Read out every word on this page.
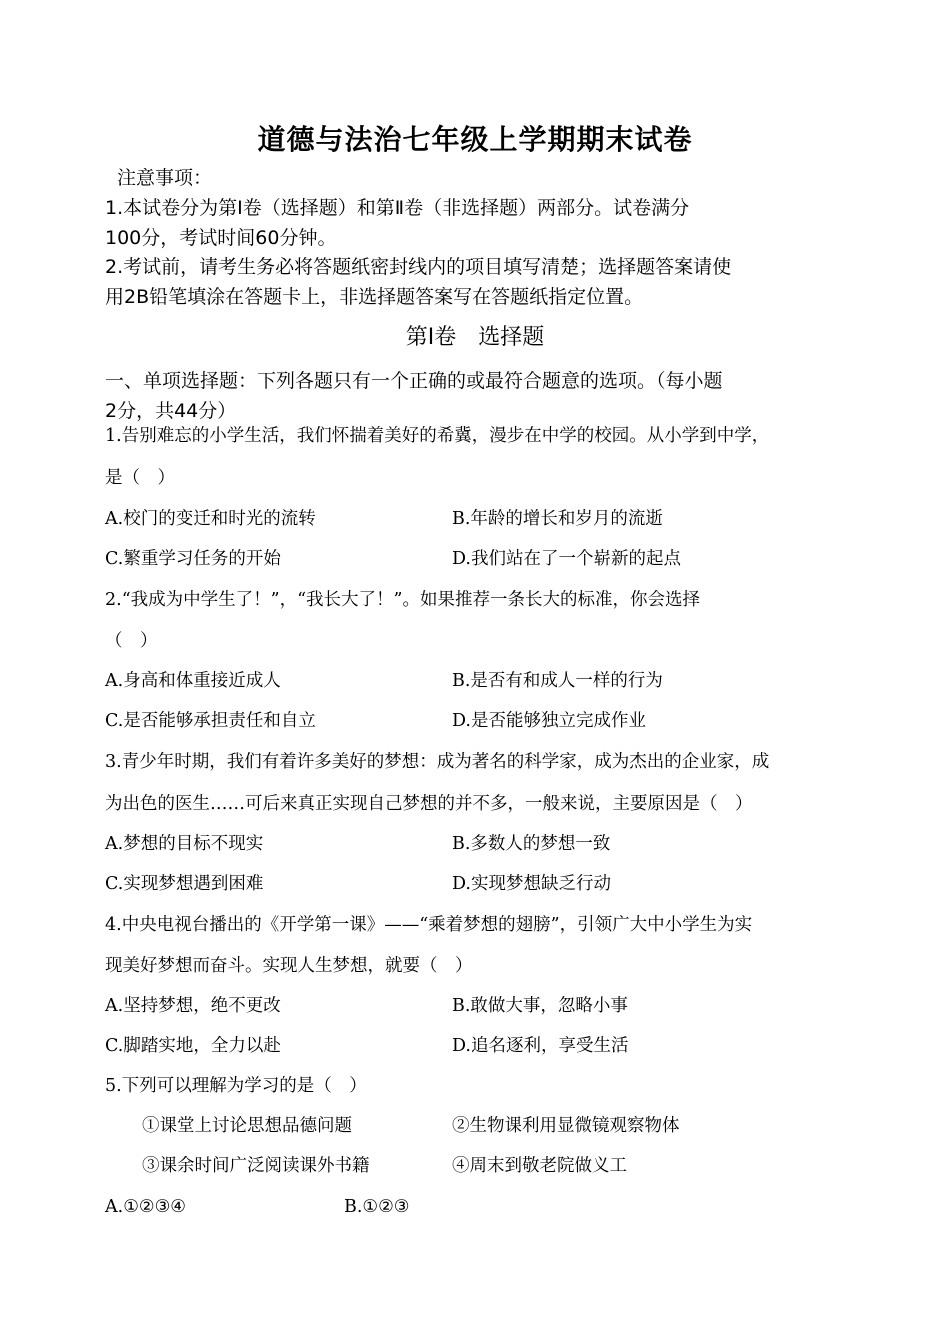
道德与法治七年级上学期期末试卷
注意事项：
1.本试卷分为第Ⅰ卷（选择题）和第Ⅱ卷（非选择题）两部分。试卷满分
100分，考试时间60分钟。
2.考试前，请考生务必将答题纸密封线内的项目填写清楚；选择题答案请使
用2B铅笔填涂在答题卡上，非选择题答案写在答题纸指定位置。
第Ⅰ卷　选择题
一、单项选择题：下列各题只有一个正确的或最符合题意的选项。（每小题
2分，共44分）
1.告别难忘的小学生活，我们怀揣着美好的希冀，漫步在中学的校园。从小学到中学，
是（　）
A.校门的变迁和时光的流转	B.年龄的增长和岁月的流逝
C.繁重学习任务的开始	D.我们站在了一个崭新的起点
2.“我成为中学生了！”，“我长大了！”。如果推荐一条长大的标准，你会选择
（　）
A.身高和体重接近成人	B.是否有和成人一样的行为
C.是否能够承担责任和自立	D.是否能够独立完成作业
3.青少年时期，我们有着许多美好的梦想：成为著名的科学家，成为杰出的企业家，成
为出色的医生……可后来真正实现自己梦想的并不多，一般来说，主要原因是（　）
A.梦想的目标不现实	B.多数人的梦想一致
C.实现梦想遇到困难	D.实现梦想缺乏行动
4.中央电视台播出的《开学第一课》——“乘着梦想的翅膀”，引领广大中小学生为实
现美好梦想而奋斗。实现人生梦想，就要（　）
A.坚持梦想，绝不更改	B.敢做大事，忽略小事
C.脚踏实地，全力以赴	D.追名逐利，享受生活
5.下列可以理解为学习的是（　）
①课堂上讨论思想品德问题	②生物课利用显微镜观察物体
③课余时间广泛阅读课外书籍	④周末到敬老院做义工
A.①②③④	B.①②③
